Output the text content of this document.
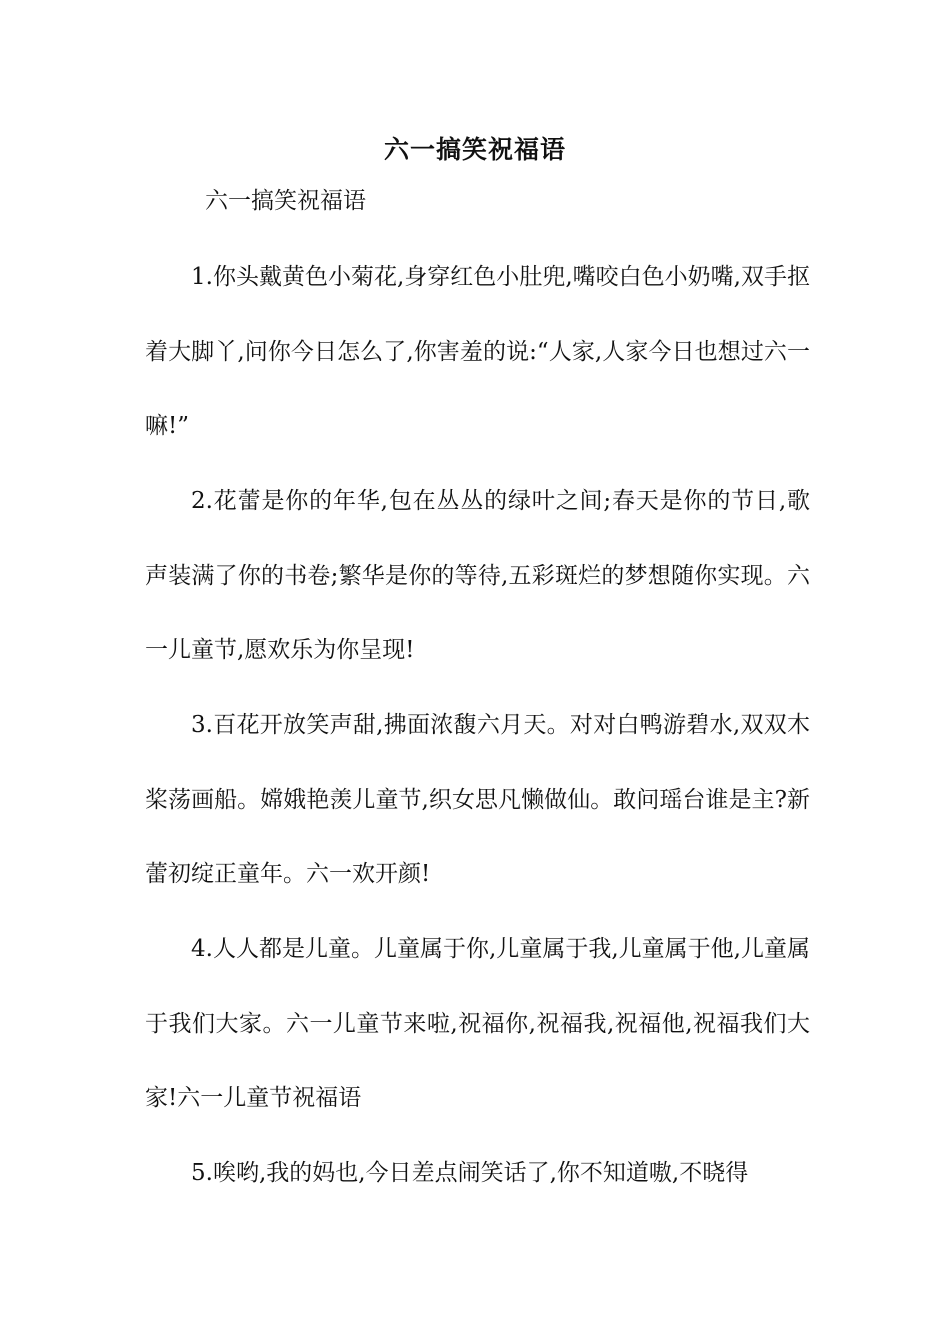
六一搞笑祝福语
六一搞笑祝福语

1.你头戴黄色小菊花,身穿红色小肚兜,嘴咬白色小奶嘴,双手抠着大脚丫,问你今日怎么了,你害羞的说:“人家,人家今日也想过六一嘛!”

2.花蕾是你的年华,包在丛丛的绿叶之间;春天是你的节日,歌声装满了你的书卷;繁华是你的等待,五彩斑烂的梦想随你实现。六一儿童节,愿欢乐为你呈现!

3.百花开放笑声甜,拂面浓馥六月天。对对白鸭游碧水,双双木桨荡画船。嫦娥艳羡儿童节,织女思凡懒做仙。敢问瑶台谁是主?新蕾初绽正童年。六一欢开颜!

4.人人都是儿童。儿童属于你,儿童属于我,儿童属于他,儿童属于我们大家。六一儿童节来啦,祝福你,祝福我,祝福他,祝福我们大家!六一儿童节祝福语

5.唉哟,我的妈也,今日差点闹笑话了,你不知道嗷,不晓得
